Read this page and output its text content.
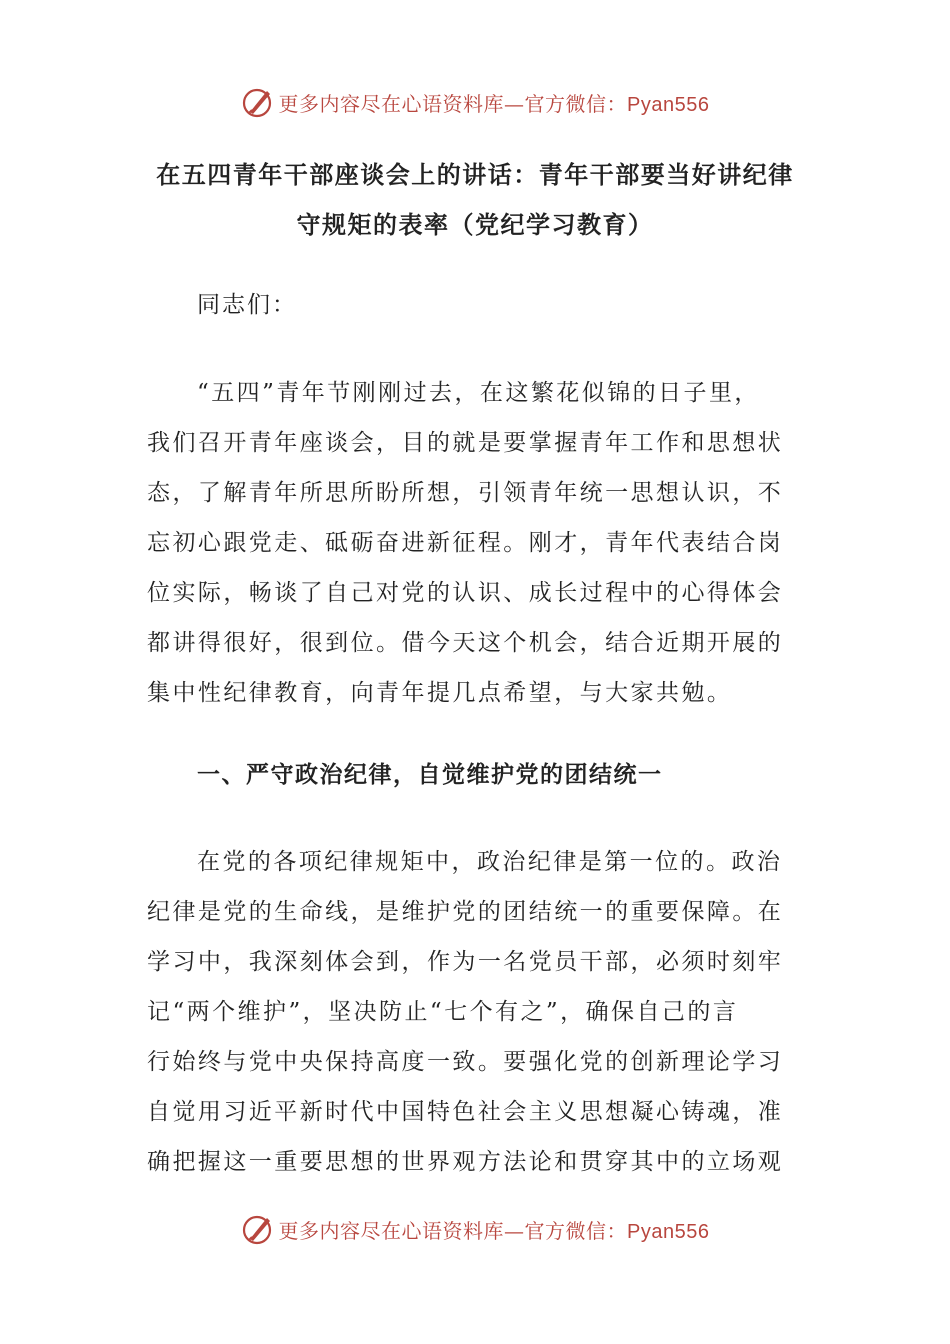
更多内容尽在心语资料库—官方微信：Pyan556
在五四青年干部座谈会上的讲话：青年干部要当好讲纪律
守规矩的表率（党纪学习教育）
同志们：
“五四”青年节刚刚过去，在这繁花似锦的日子里，
我们召开青年座谈会，目的就是要掌握青年工作和思想状
态，了解青年所思所盼所想，引领青年统一思想认识，不
忘初心跟党走、砥砺奋进新征程。刚才，青年代表结合岗
位实际，畅谈了自己对党的认识、成长过程中的心得体会
都讲得很好，很到位。借今天这个机会，结合近期开展的
集中性纪律教育，向青年提几点希望，与大家共勉。
一、严守政治纪律，自觉维护党的团结统一
在党的各项纪律规矩中，政治纪律是第一位的。政治
纪律是党的生命线，是维护党的团结统一的重要保障。在
学习中，我深刻体会到，作为一名党员干部，必须时刻牢
记“两个维护”，坚决防止“七个有之”，确保自己的言
行始终与党中央保持高度一致。要强化党的创新理论学习
自觉用习近平新时代中国特色社会主义思想凝心铸魂，准
确把握这一重要思想的世界观方法论和贯穿其中的立场观
更多内容尽在心语资料库—官方微信：Pyan556
